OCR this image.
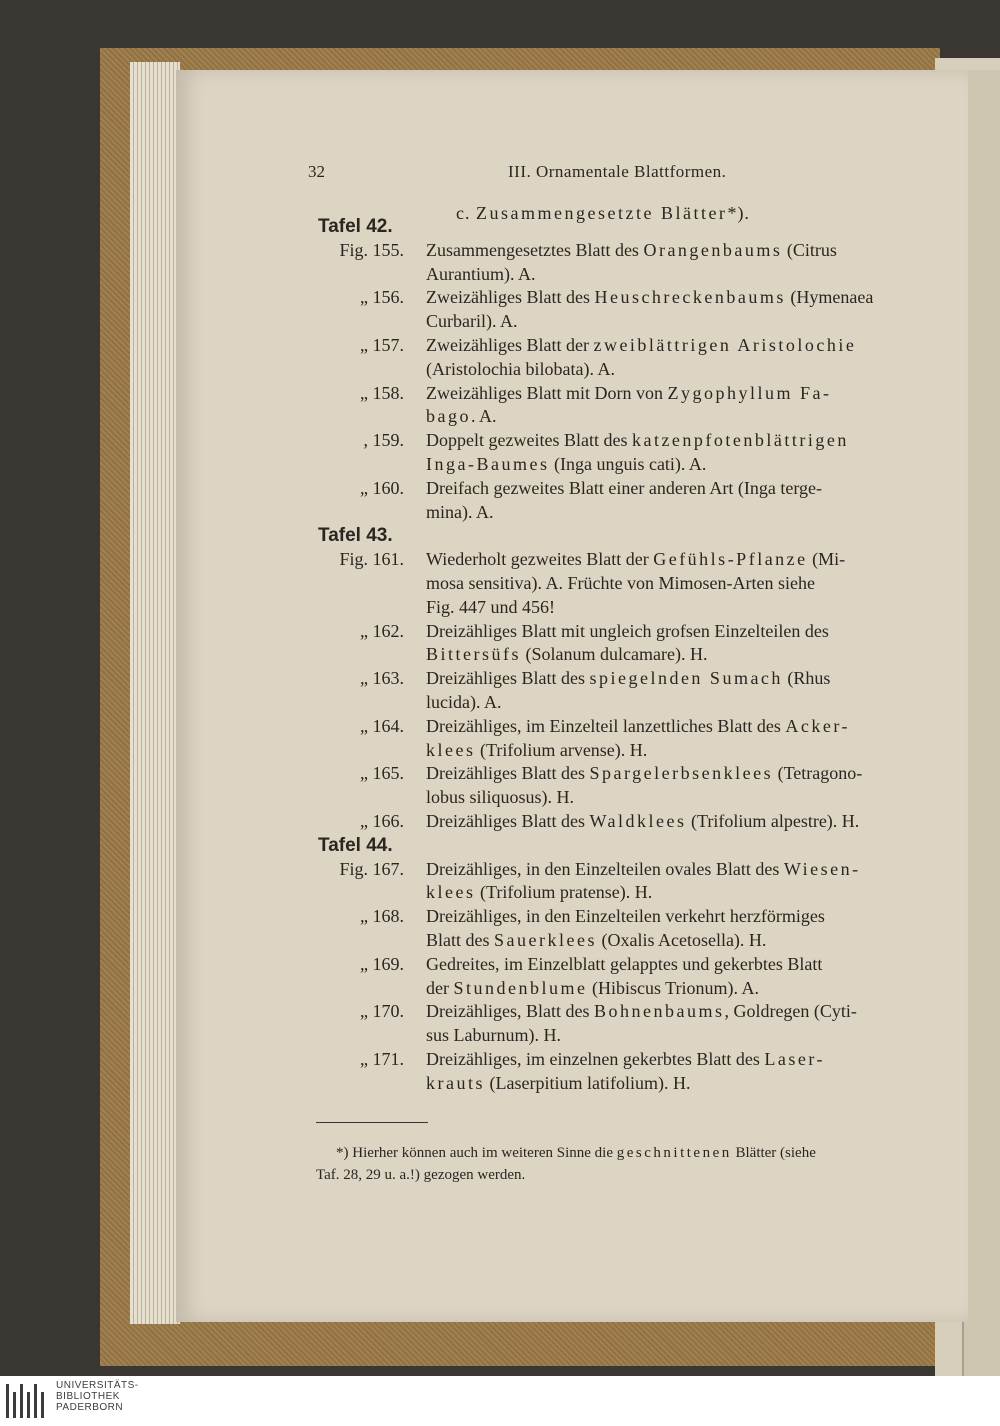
32	III. Ornamentale Blattformen.
c. Zusammengesetzte Blätter*).
Tafel 42.
Fig. 155. Zusammengesetztes Blatt des Orangenbaums (Citrus
Aurantium). A.
„ 156. Zweizähliges Blatt des Heuschreckenbaums (Hymenaea
Curbaril). A.
„ 157. Zweizähliges Blatt der zweiblättrigen Aristolochie
(Aristolochia bilobata). A.
„ 158. Zweizähliges Blatt mit Dorn von Zygophyllum Fa-
bago. A.
, 159. Doppelt gezweites Blatt des katzenpfotenblättrigen
Inga-Baumes (Inga unguis cati). A.
„ 160. Dreifach gezweites Blatt einer anderen Art (Inga terge-
mina). A.
Tafel 43.
Fig. 161. Wiederholt gezweites Blatt der Gefühls-Pflanze (Mi-
mosa sensitiva). A. Früchte von Mimosen-Arten siehe
Fig. 447 und 456!
„ 162. Dreizähliges Blatt mit ungleich grofsen Einzelteilen des
Bittersüfs (Solanum dulcamare). H.
„ 163. Dreizähliges Blatt des spiegelnden Sumach (Rhus
lucida). A.
„ 164. Dreizähliges, im Einzelteil lanzettliches Blatt des Acker-
klees (Trifolium arvense). H.
„ 165. Dreizähliges Blatt des Spargelerbsenklees (Tetragono-
lobus siliquosus). H.
„ 166. Dreizähliges Blatt des Waldklees (Trifolium alpestre). H.
Tafel 44.
Fig. 167. Dreizähliges, in den Einzelteilen ovales Blatt des Wiesen-
klees (Trifolium pratense). H.
„ 168. Dreizähliges, in den Einzelteilen verkehrt herzförmiges
Blatt des Sauerklees (Oxalis Acetosella). H.
„ 169. Gedreites, im Einzelblatt gelapptes und gekerbtes Blatt
der Stundenblume (Hibiscus Trionum). A.
„ 170. Dreizähliges, Blatt des Bohnenbaums, Goldregen (Cyti-
sus Laburnum). H.
„ 171. Dreizähliges, im einzelnen gekerbtes Blatt des Laser-
krauts (Laserpitium latifolium). H.
*) Hierher können auch im weiteren Sinne die geschnittenen Blätter (siehe
Taf. 28, 29 u. a.!) gezogen werden.
UNIVERSITÄTS-
BIBLIOTHEK
PADERBORN
